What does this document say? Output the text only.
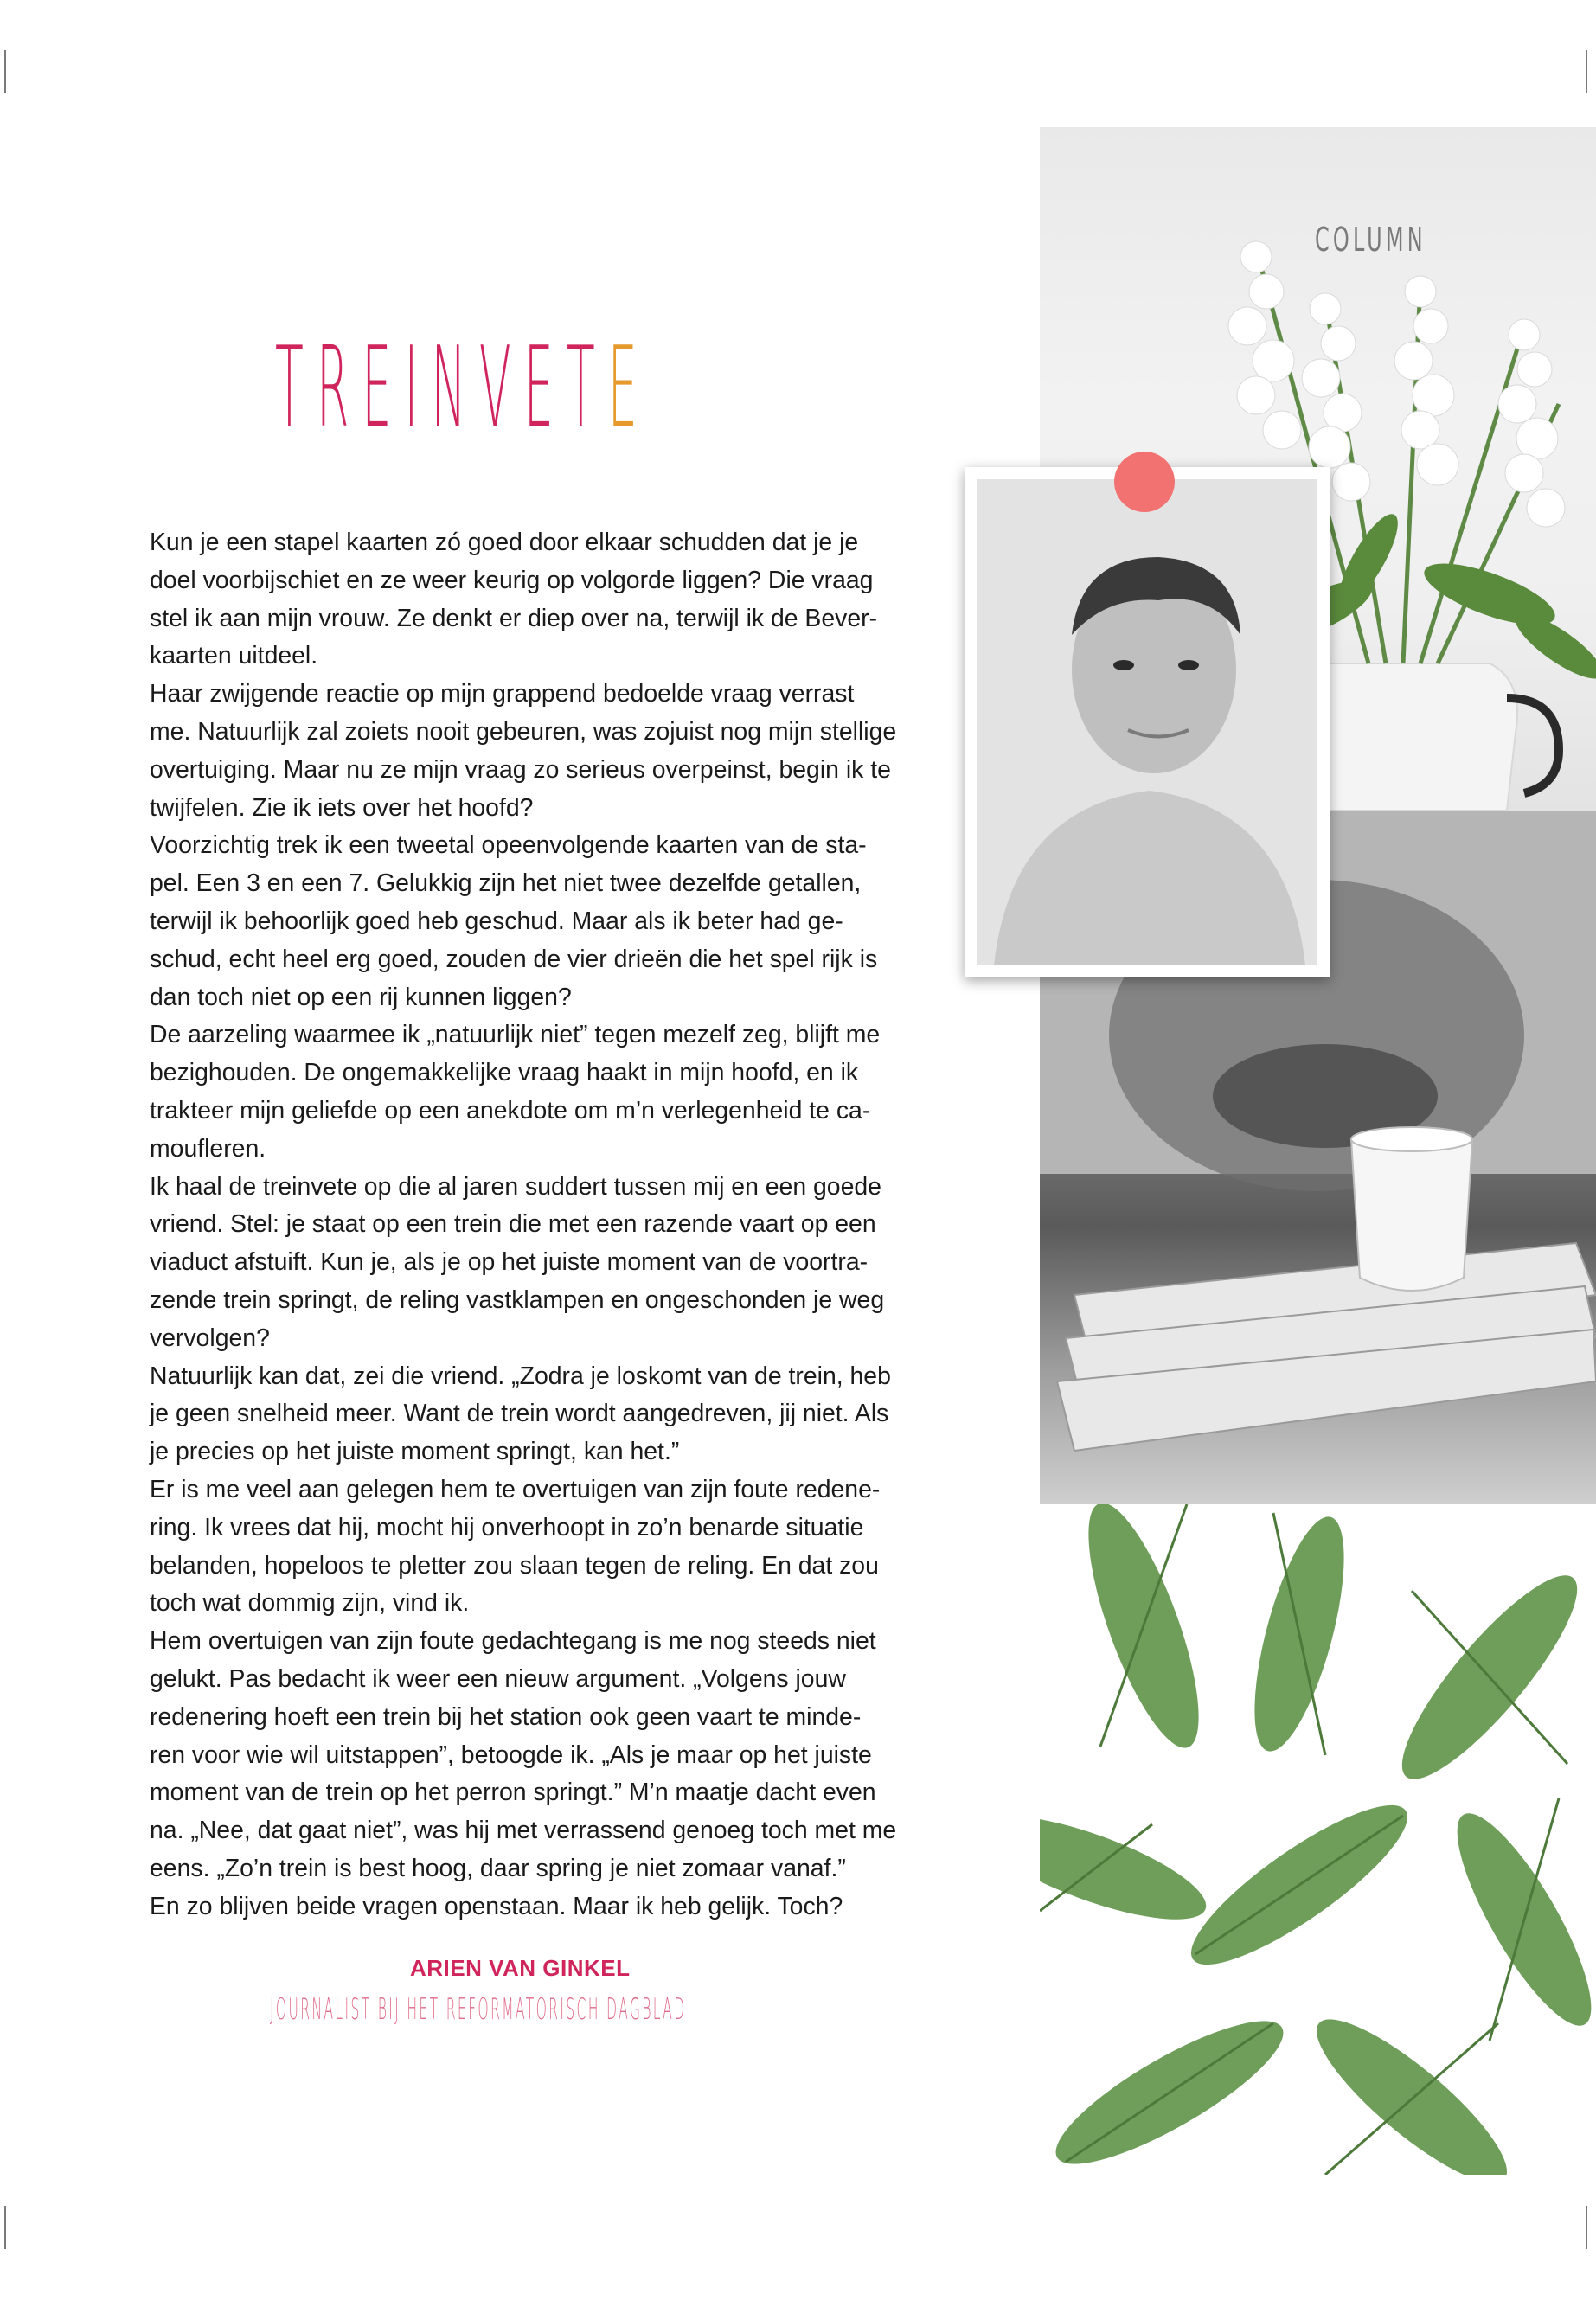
COLUMN
TREINVETE
Kun je een stapel kaarten zó goed door elkaar schudden dat je je
doel voorbijschiet en ze weer keurig op volgorde liggen? Die vraag
stel ik aan mijn vrouw. Ze denkt er diep over na, terwijl ik de Bever-
kaarten uitdeel.
Haar zwijgende reactie op mijn grappend bedoelde vraag verrast
me. Natuurlijk zal zoiets nooit gebeuren, was zojuist nog mijn stellige
overtuiging. Maar nu ze mijn vraag zo serieus overpeinst, begin ik te
twijfelen. Zie ik iets over het hoofd?
Voorzichtig trek ik een tweetal opeenvolgende kaarten van de sta-
pel. Een 3 en een 7. Gelukkig zijn het niet twee dezelfde getallen,
terwijl ik behoorlijk goed heb geschud. Maar als ik beter had ge-
schud, echt heel erg goed, zouden de vier drieën die het spel rijk is
dan toch niet op een rij kunnen liggen?
De aarzeling waarmee ik „natuurlijk niet” tegen mezelf zeg, blijft me
bezighouden. De ongemakkelijke vraag haakt in mijn hoofd, en ik
trakteer mijn geliefde op een anekdote om m’n verlegenheid te ca-
moufleren.
Ik haal de treinvete op die al jaren suddert tussen mij en een goede
vriend. Stel: je staat op een trein die met een razende vaart op een
viaduct afstuift. Kun je, als je op het juiste moment van de voortra-
zende trein springt, de reling vastklampen en ongeschonden je weg
vervolgen?
Natuurlijk kan dat, zei die vriend. „Zodra je loskomt van de trein, heb
je geen snelheid meer. Want de trein wordt aangedreven, jij niet. Als
je precies op het juiste moment springt, kan het.”
Er is me veel aan gelegen hem te overtuigen van zijn foute redene-
ring. Ik vrees dat hij, mocht hij onverhoopt in zo’n benarde situatie
belanden, hopeloos te pletter zou slaan tegen de reling. En dat zou
toch wat dommig zijn, vind ik.
Hem overtuigen van zijn foute gedachtegang is me nog steeds niet
gelukt. Pas bedacht ik weer een nieuw argument. „Volgens jouw
redenering hoeft een trein bij het station ook geen vaart te minde-
ren voor wie wil uitstappen”, betoogde ik. „Als je maar op het juiste
moment van de trein op het perron springt.” M’n maatje dacht even
na. „Nee, dat gaat niet”, was hij met verrassend genoeg toch met me
eens. „Zo’n trein is best hoog, daar spring je niet zomaar vanaf.”
En zo blijven beide vragen openstaan. Maar ik heb gelijk. Toch?
ARIEN VAN GINKEL
JOURNALIST BIJ HET REFORMATORISCH DAGBLAD
